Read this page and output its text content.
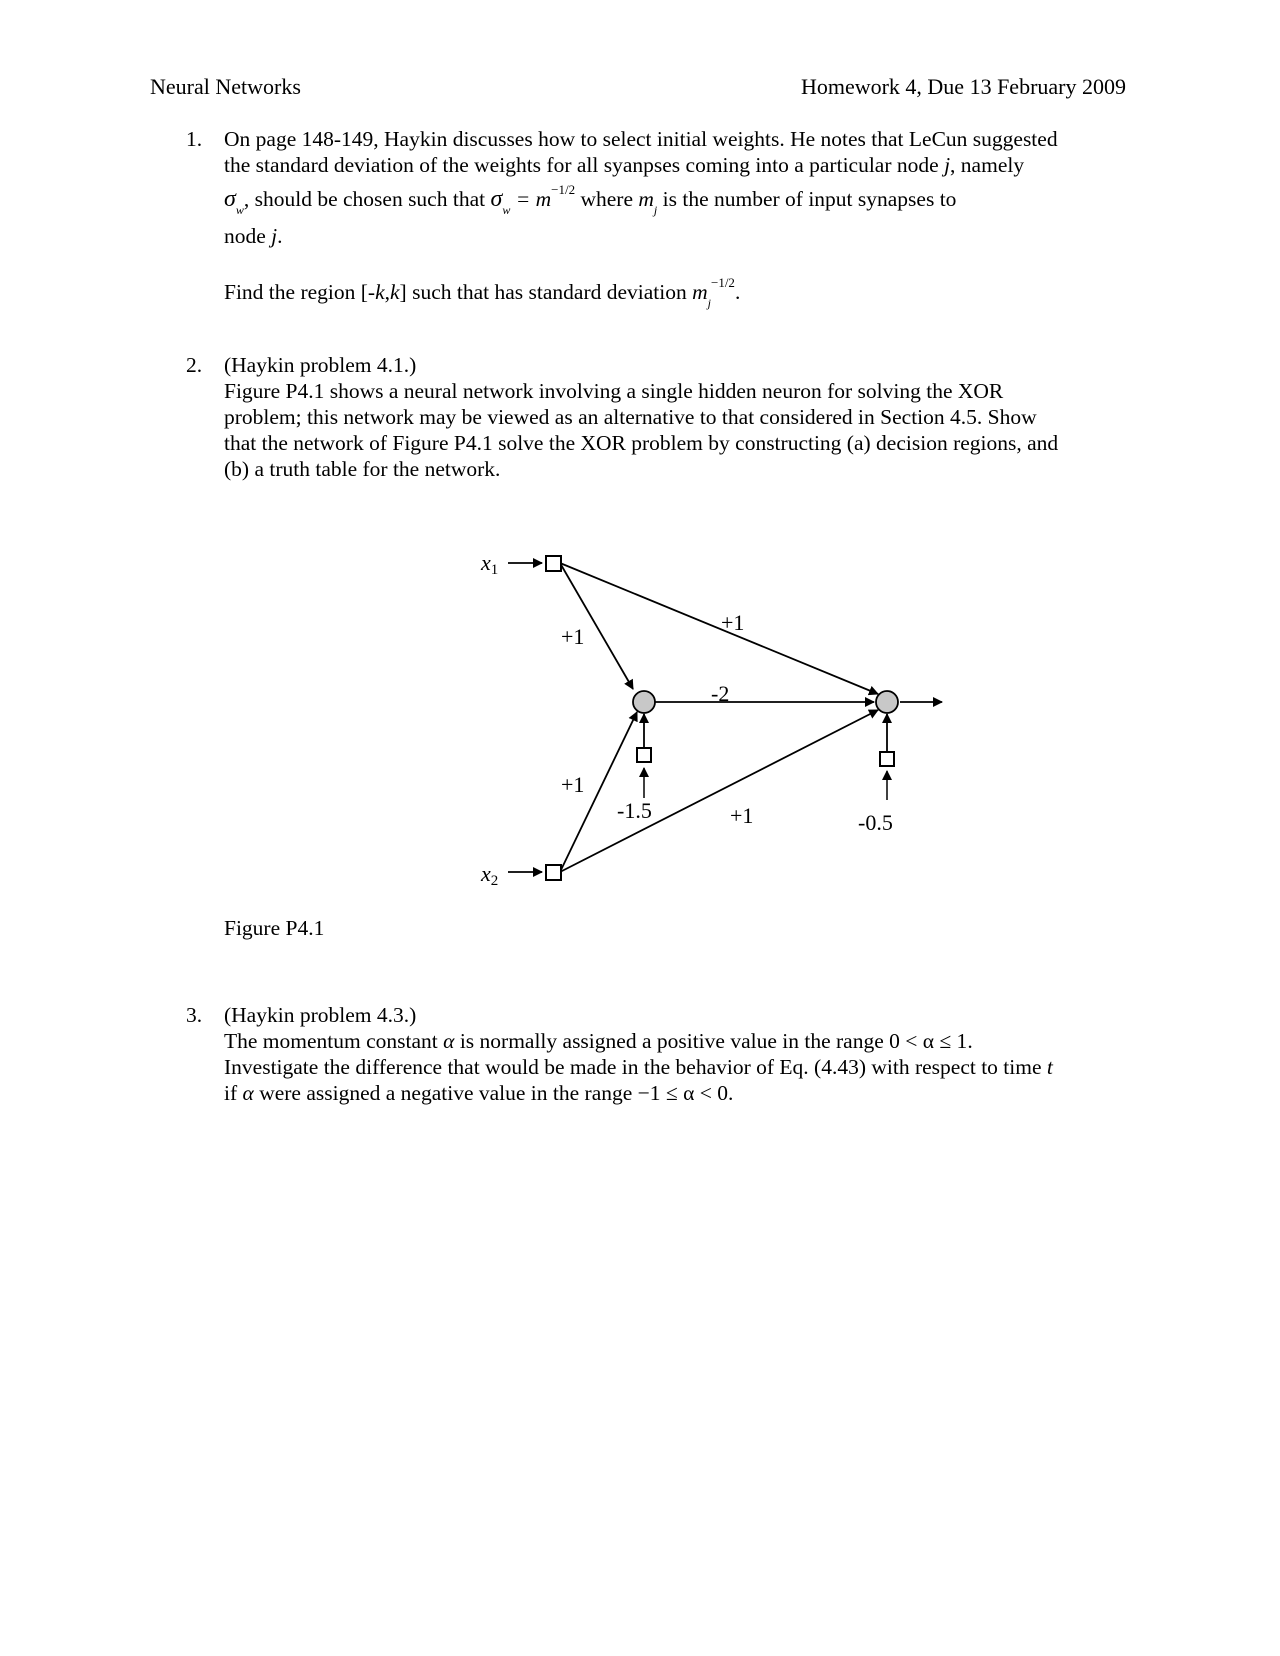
Neural Networks	Homework 4, Due 13 February 2009
1. On page 148-149, Haykin discusses how to select initial weights. He notes that LeCun suggested
the standard deviation of the weights for all syanpses coming into a particular node j, namely
$\sigma_w$, should be chosen such that $\sigma_w = m^{-1/2}$ where $m_j$ is the number of input synapses to
node j.
Find the region [-k,k] such that has standard deviation $m_j^{-1/2}$.
2. (Haykin problem 4.1.)
Figure P4.1 shows a neural network involving a single hidden neuron for solving the XOR
problem; this network may be viewed as an alternative to that considered in Section 4.5. Show
that the network of Figure P4.1 solve the XOR problem by constructing (a) decision regions, and
(b) a truth table for the network.
x1
x2
+1
+1
+1
+1
-2
-1.5	-0.5
Figure P4.1
3. (Haykin problem 4.3.)
The momentum constant α is normally assigned a positive value in the range 0 < α ≤ 1.
Investigate the difference that would be made in the behavior of Eq. (4.43) with respect to time t
if α were assigned a negative value in the range −1 ≤ α < 0.
